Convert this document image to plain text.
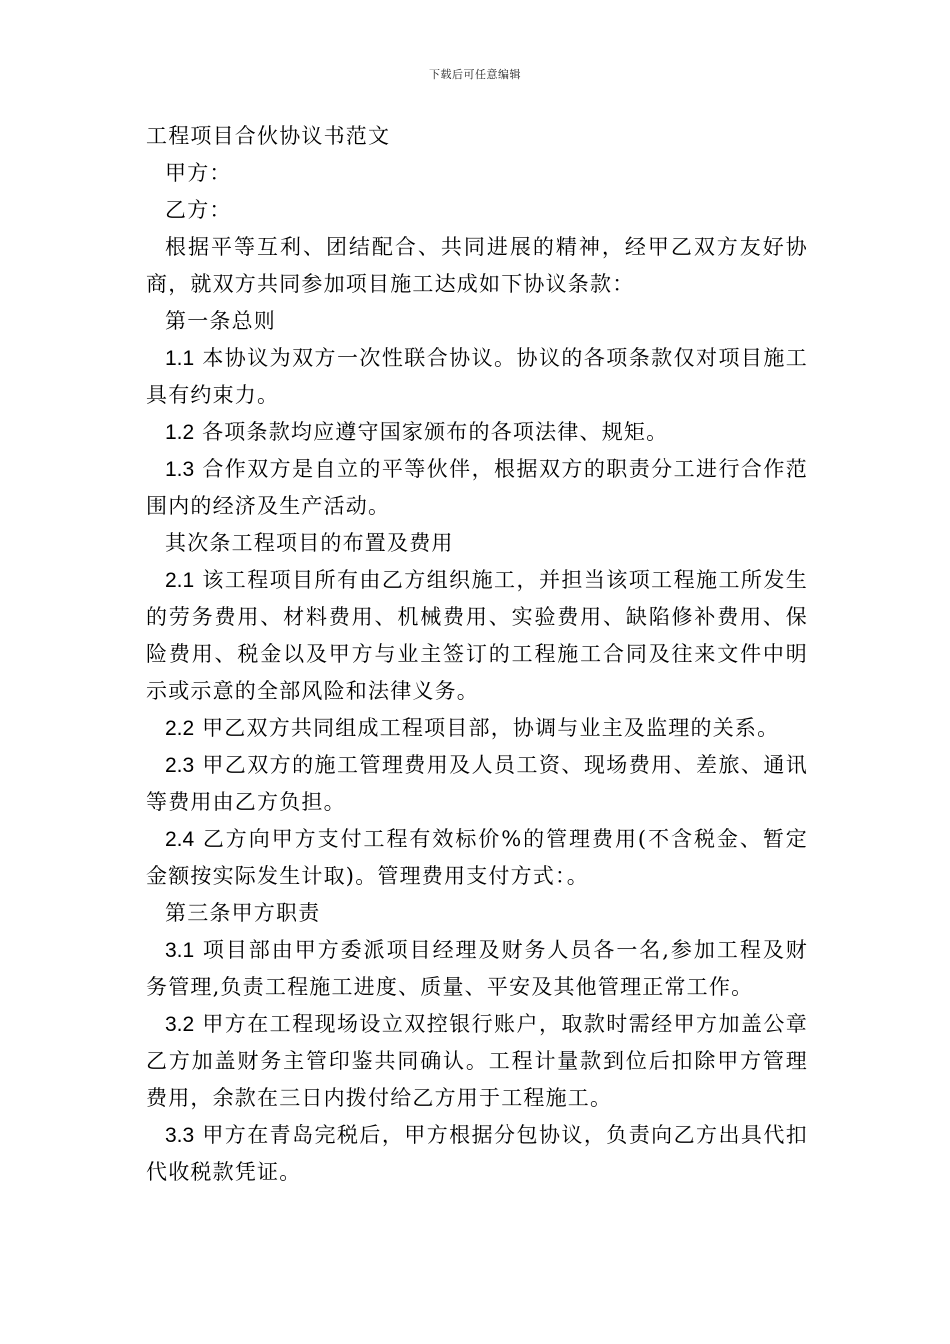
下载后可任意编辑

工程项目合伙协议书范文

甲方：

乙方：

根据平等互利、团结配合、共同进展的精神，经甲乙双方友好协商，就双方共同参加项目施工达成如下协议条款：

第一条总则

1.1 本协议为双方一次性联合协议。协议的各项条款仅对项目施工具有约束力。

1.2 各项条款均应遵守国家颁布的各项法律、规矩。

1.3 合作双方是自立的平等伙伴，根据双方的职责分工进行合作范围内的经济及生产活动。

其次条工程项目的布置及费用

2.1 该工程项目所有由乙方组织施工，并担当该项工程施工所发生的劳务费用、材料费用、机械费用、实验费用、缺陷修补费用、保险费用、税金以及甲方与业主签订的工程施工合同及往来文件中明示或示意的全部风险和法律义务。

2.2 甲乙双方共同组成工程项目部，协调与业主及监理的关系。

2.3 甲乙双方的施工管理费用及人员工资、现场费用、差旅、通讯等费用由乙方负担。

2.4 乙方向甲方支付工程有效标价%的管理费用(不含税金、暂定金额按实际发生计取)。管理费用支付方式：。

第三条甲方职责

3.1 项目部由甲方委派项目经理及财务人员各一名,参加工程及财务管理,负责工程施工进度、质量、平安及其他管理正常工作。

3.2 甲方在工程现场设立双控银行账户，取款时需经甲方加盖公章乙方加盖财务主管印鉴共同确认。工程计量款到位后扣除甲方管理费用，余款在三日内拨付给乙方用于工程施工。

3.3 甲方在青岛完税后，甲方根据分包协议，负责向乙方出具代扣代收税款凭证。
